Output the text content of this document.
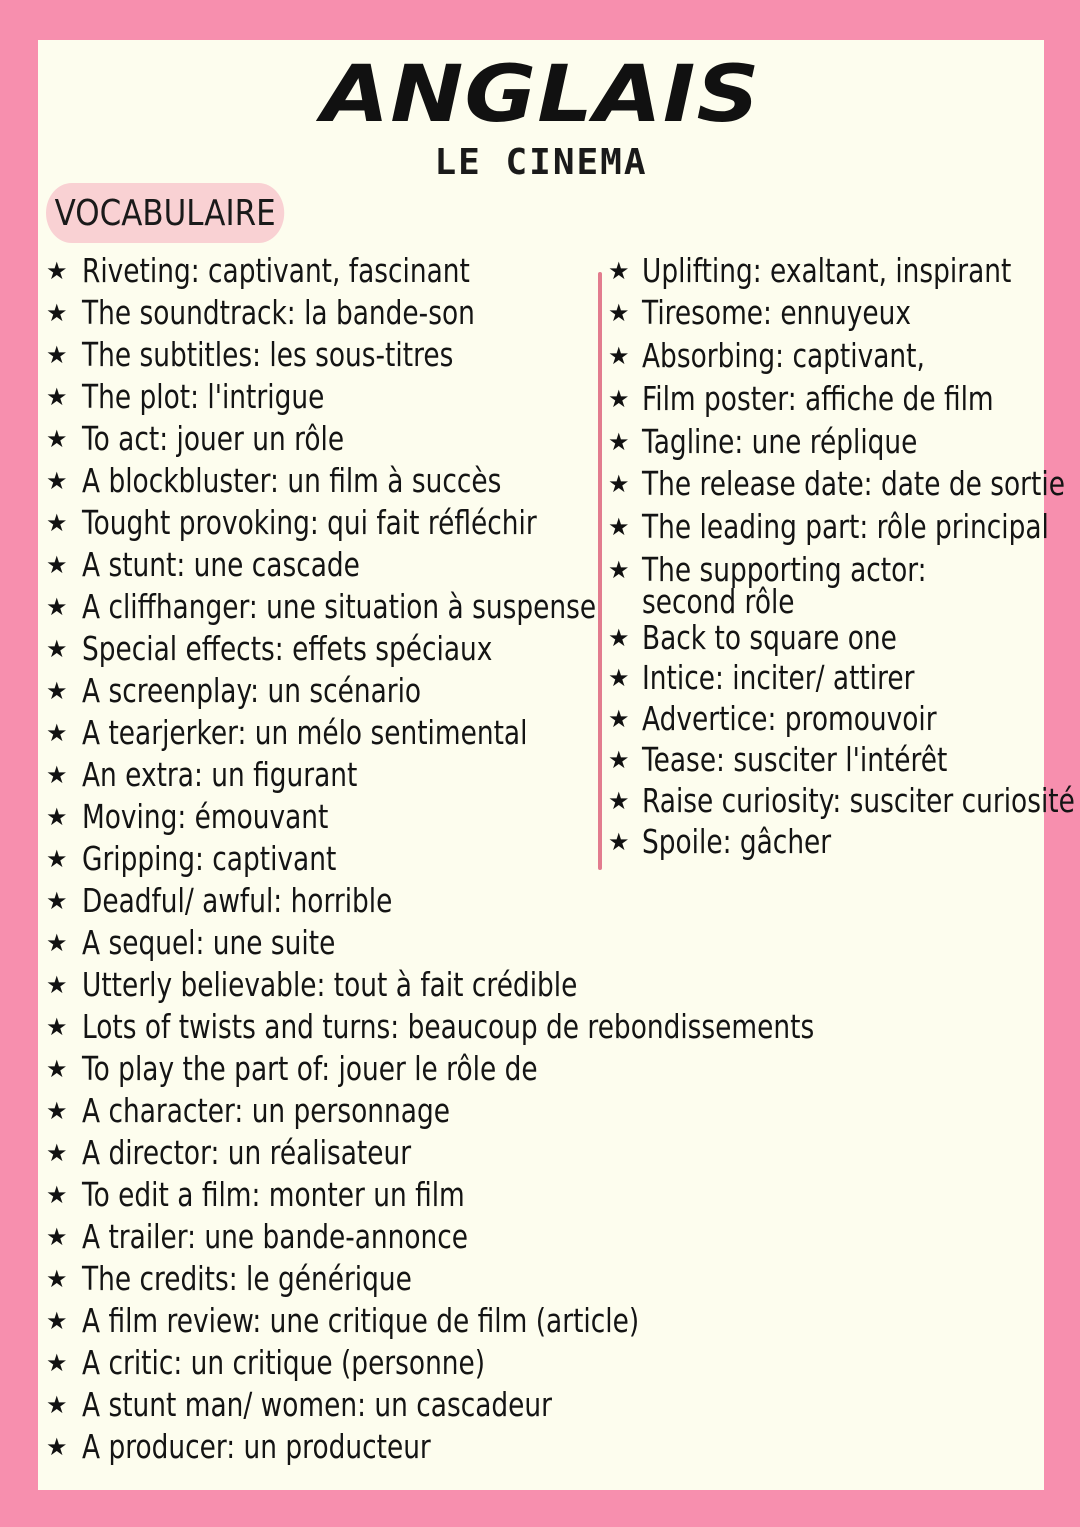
ANGLAIS
LE CINEMA
VOCABULAIRE
★ Riveting: captivant, fascinant
★ The soundtrack: la bande-son
★ The subtitles: les sous-titres
★ The plot: l'intrigue
★ To act: jouer un rôle
★ A blockbluster: un film à succès
★ Tought provoking: qui fait réfléchir
★ A stunt: une cascade
★ A cliffhanger: une situation à suspense
★ Special effects: effets spéciaux
★ A screenplay: un scénario
★ A tearjerker: un mélo sentimental
★ An extra: un figurant
★ Moving: émouvant
★ Gripping: captivant
★ Deadful/ awful: horrible
★ A sequel: une suite
★ Utterly believable: tout à fait crédible
★ Lots of twists and turns: beaucoup de rebondissements
★ To play the part of: jouer le rôle de
★ A character: un personnage
★ A director: un réalisateur
★ To edit a film: monter un film
★ A trailer: une bande-annonce
★ The credits: le générique
★ A film review: une critique de film (article)
★ A critic: un critique (personne)
★ A stunt man/ women: un cascadeur
★ A producer: un producteur
★ Uplifting: exaltant, inspirant
★ Tiresome: ennuyeux
★ Absorbing: captivant,
★ Film poster: affiche de film
★ Tagline: une réplique
★ The release date: date de sortie
★ The leading part: rôle principal
★ The supporting actor: second rôle
★ Back to square one
★ Intice: inciter/ attirer
★ Advertice: promouvoir
★ Tease: susciter l'intérêt
★ Raise curiosity: susciter curiosité
★ Spoile: gâcher
